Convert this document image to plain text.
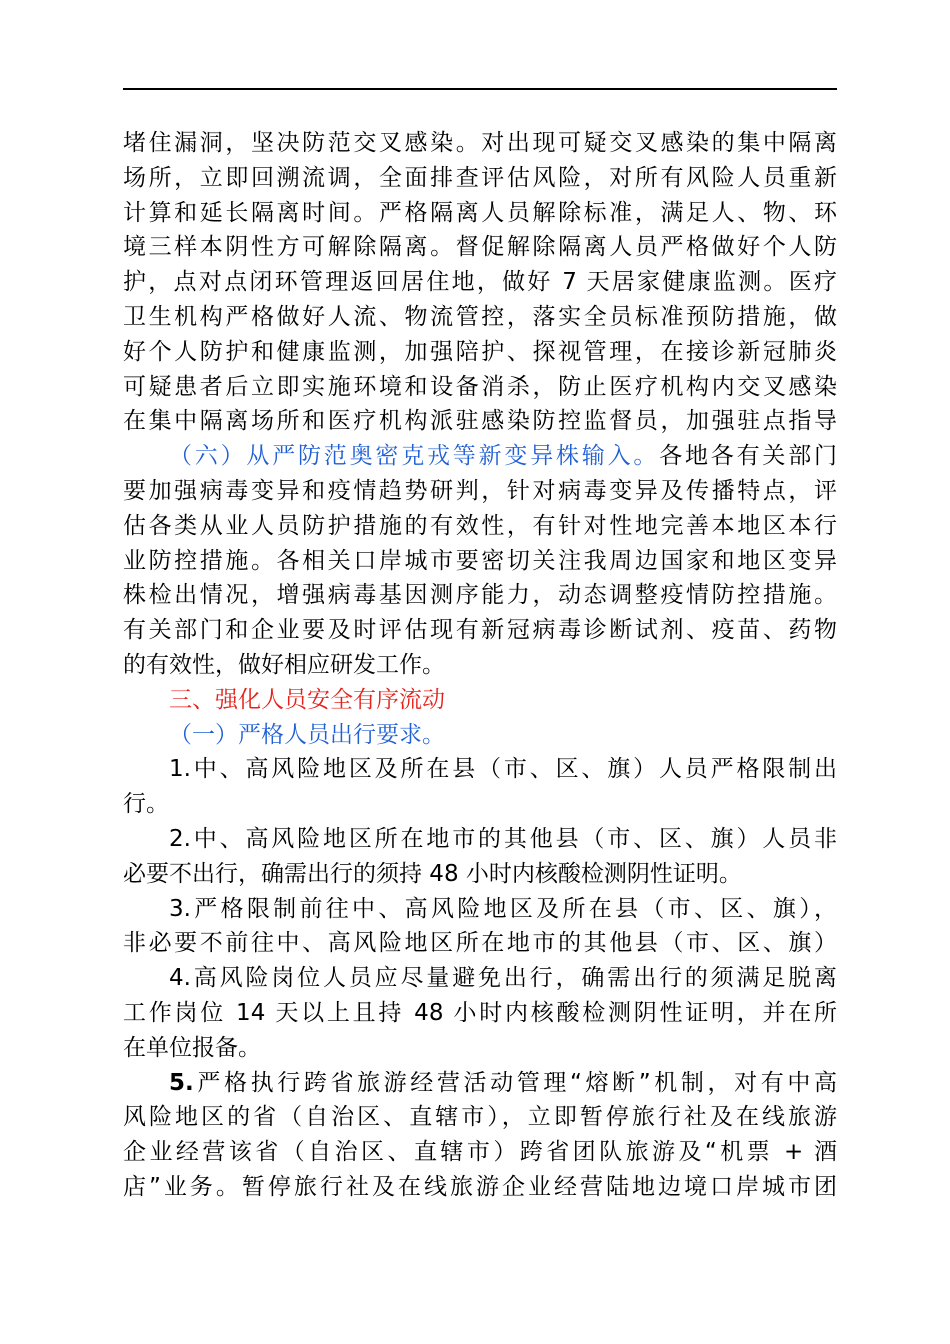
堵住漏洞，坚决防范交叉感染。对出现可疑交叉感染的集中隔离
场所，立即回溯流调，全面排查评估风险，对所有风险人员重新
计算和延长隔离时间。严格隔离人员解除标准，满足人、物、环
境三样本阴性方可解除隔离。督促解除隔离人员严格做好个人防
护，点对点闭环管理返回居住地，做好 7 天居家健康监测。医疗
卫生机构严格做好人流、物流管控，落实全员标准预防措施，做
好个人防护和健康监测，加强陪护、探视管理，在接诊新冠肺炎
可疑患者后立即实施环境和设备消杀，防止医疗机构内交叉感染
在集中隔离场所和医疗机构派驻感染防控监督员，加强驻点指导
（六）从严防范奥密克戎等新变异株输入。各地各有关部门
要加强病毒变异和疫情趋势研判，针对病毒变异及传播特点，评
估各类从业人员防护措施的有效性，有针对性地完善本地区本行
业防控措施。各相关口岸城市要密切关注我周边国家和地区变异
株检出情况，增强病毒基因测序能力，动态调整疫情防控措施。
有关部门和企业要及时评估现有新冠病毒诊断试剂、疫苗、药物
的有效性，做好相应研发工作。
三、强化人员安全有序流动
（一）严格人员出行要求。
1.中、高风险地区及所在县（市、区、旗）人员严格限制出
行。
2.中、高风险地区所在地市的其他县（市、区、旗）人员非
必要不出行，确需出行的须持 48 小时内核酸检测阴性证明。
3.严格限制前往中、高风险地区及所在县（市、区、旗），
非必要不前往中、高风险地区所在地市的其他县（市、区、旗）
4.高风险岗位人员应尽量避免出行，确需出行的须满足脱离
工作岗位 14 天以上且持 48 小时内核酸检测阴性证明，并在所
在单位报备。
5.严格执行跨省旅游经营活动管理“熔断”机制，对有中高
风险地区的省（自治区、直辖市），立即暂停旅行社及在线旅游
企业经营该省（自治区、直辖市）跨省团队旅游及“机票 + 酒
店”业务。暂停旅行社及在线旅游企业经营陆地边境口岸城市团
